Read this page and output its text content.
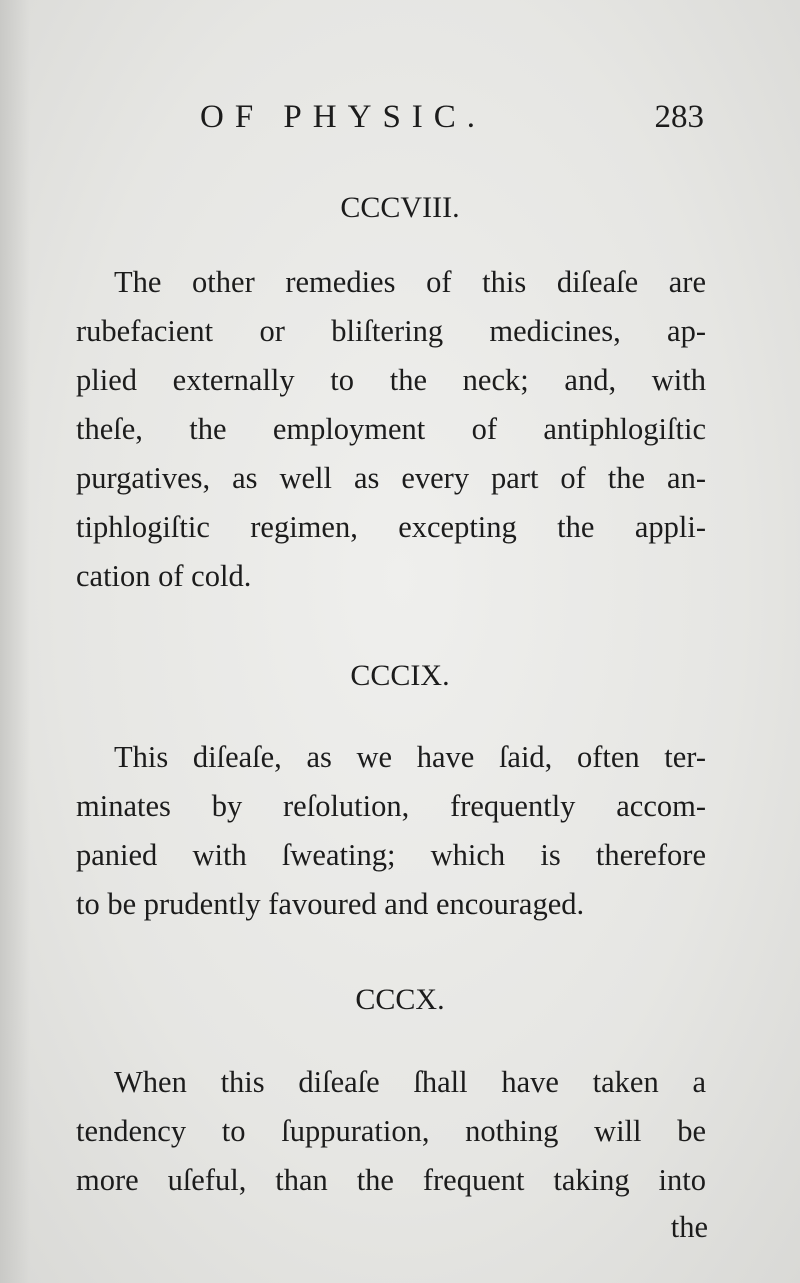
OF PHYSIC.	283
CCCVIII.
The other remedies of this diſeaſe are
rubefacient or bliſtering medicines, ap-
plied externally to the neck; and, with
theſe, the employment of antiphlogiſtic
purgatives, as well as every part of the an-
tiphlogiſtic regimen, excepting the appli-
cation of cold.
CCCIX.
This diſeaſe, as we have ſaid, often ter-
minates by reſolution, frequently accom-
panied with ſweating; which is therefore
to be prudently favoured and encouraged.
CCCX.
When this diſeaſe ſhall have taken a
tendency to ſuppuration, nothing will be
more uſeful, than the frequent taking into
the
